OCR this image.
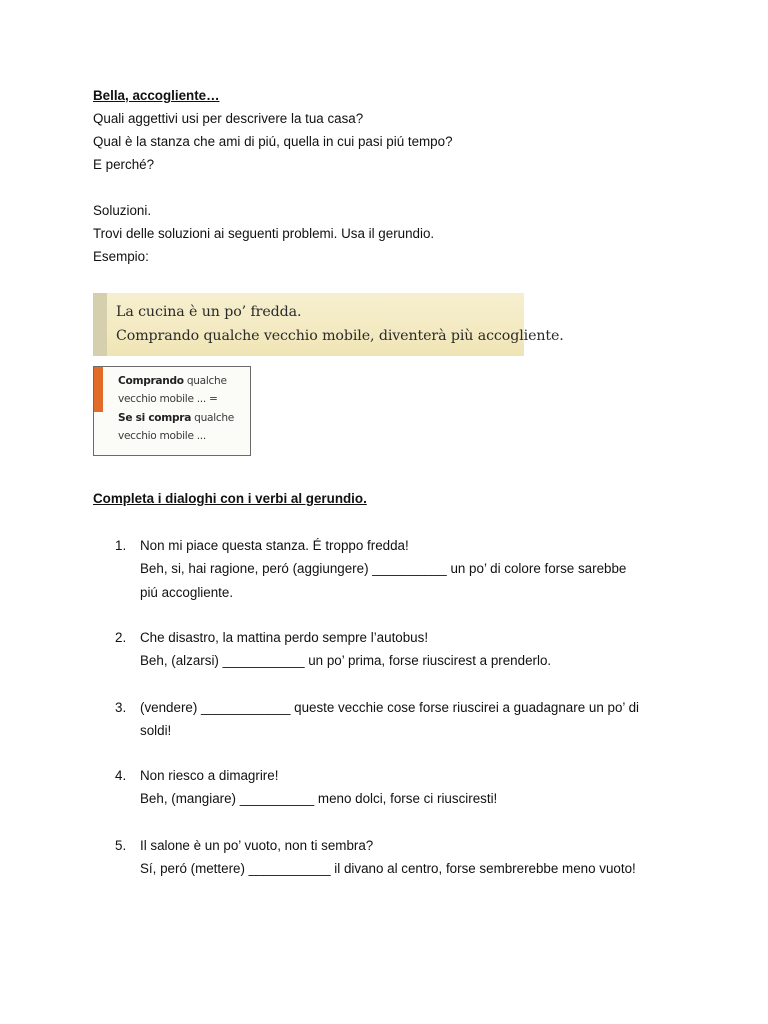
Bella, accogliente…
Quali aggettivi usi per descrivere la tua casa?
Qual è la stanza che ami di piú, quella in cui pasi piú tempo?
E perché?
Soluzioni.
Trovi delle soluzioni ai seguenti problemi. Usa il gerundio.
Esempio:
La cucina è un po’ fredda.
Comprando qualche vecchio mobile, diventerà più accogliente.
Comprando qualche
vecchio mobile ... =
Se si compra qualche
vecchio mobile ...
Completa i dialoghi con i verbi al gerundio.
1. Non mi piace questa stanza. É troppo fredda!
Beh, si, hai ragione, peró (aggiungere) __________ un po’ di colore forse sarebbe
piú accogliente.
2. Che disastro, la mattina perdo sempre l’autobus!
Beh, (alzarsi) ___________ un po’ prima, forse riuscirest a prenderlo.
3. (vendere) ____________ queste vecchie cose forse riuscirei a guadagnare un po’ di
soldi!
4. Non riesco a dimagrire!
Beh, (mangiare) __________ meno dolci, forse ci riusciresti!
5. Il salone è un po’ vuoto, non ti sembra?
Sí, peró (mettere) ___________ il divano al centro, forse sembrerebbe meno vuoto!
